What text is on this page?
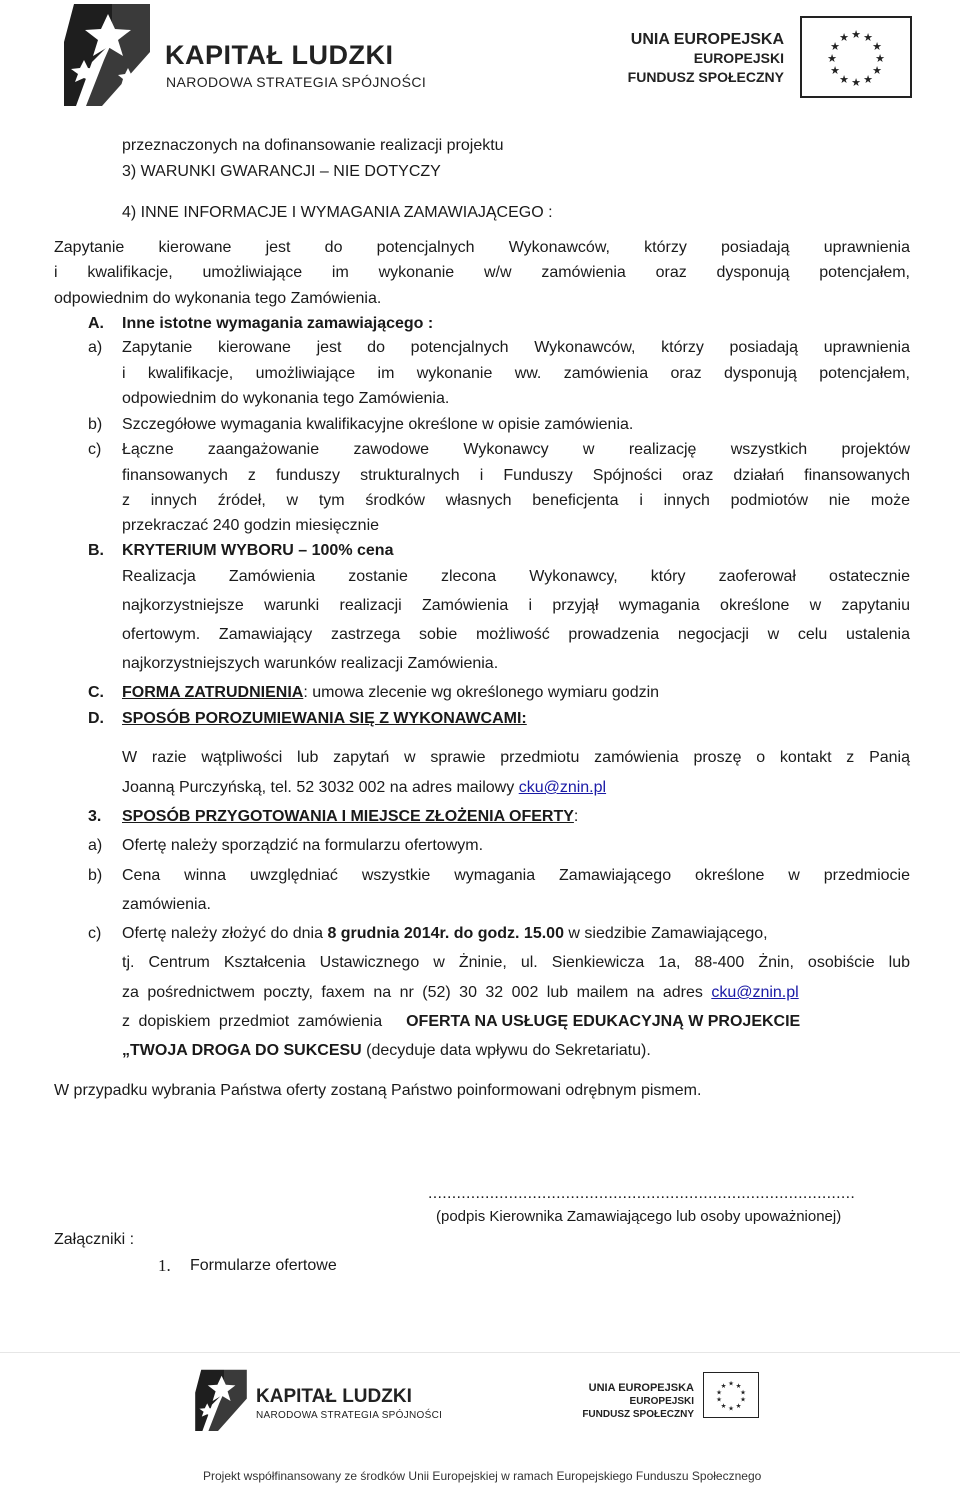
KAPITAŁ LUDZKI
NARODOWA STRATEGIA SPÓJNOŚCI
UNIA EUROPEJSKA
EUROPEJSKI
FUNDUSZ SPOŁECZNY
★ ★
★
★
★
★
★
★
★
★
★
★
przeznaczonych na dofinansowanie realizacji projektu
3) WARUNKI GWARANCJI – NIE DOTYCZY
4) INNE INFORMACJE I WYMAGANIA ZAMAWIAJĄCEGO :
Zapytanie kierowane jest do potencjalnych Wykonawców, którzy posiadają uprawnienia
i kwalifikacje, umożliwiające im wykonanie w/w zamówienia oraz dysponują potencjałem,
odpowiednim do wykonania tego Zamówienia.
A. Inne istotne wymagania zamawiającego :
a) Zapytanie kierowane jest do potencjalnych Wykonawców, którzy posiadają uprawnienia
i kwalifikacje, umożliwiające im wykonanie ww. zamówienia oraz dysponują potencjałem,
odpowiednim do wykonania tego Zamówienia.
b) Szczegółowe wymagania kwalifikacyjne określone w opisie zamówienia.
c) Łączne zaangażowanie zawodowe Wykonawcy w realizację wszystkich projektów
finansowanych z funduszy strukturalnych i Funduszy Spójności oraz działań finansowanych
z innych źródeł, w tym środków własnych beneficjenta i innych podmiotów nie może
przekraczać 240 godzin miesięcznie
B. KRYTERIUM WYBORU – 100% cena
Realizacja Zamówienia zostanie zlecona Wykonawcy, który zaoferował ostatecznie
najkorzystniejsze warunki realizacji Zamówienia i przyjął wymagania określone w zapytaniu
ofertowym. Zamawiający zastrzega sobie możliwość prowadzenia negocjacji w celu ustalenia
najkorzystniejszych warunków realizacji Zamówienia.
C. FORMA ZATRUDNIENIA: umowa zlecenie wg określonego wymiaru godzin
D. SPOSÓB POROZUMIEWANIA SIĘ Z WYKONAWCAMI:
W razie wątpliwości lub zapytań w sprawie przedmiotu zamówienia proszę o kontakt z Panią
Joanną Purczyńską, tel. 52 3032 002 na adres mailowy cku@znin.pl
3. SPOSÓB PRZYGOTOWANIA I MIEJSCE ZŁOŻENIA OFERTY:
a) Ofertę należy sporządzić na formularzu ofertowym.
b) Cena winna uwzględniać wszystkie wymagania Zamawiającego określone w przedmiocie
zamówienia.
c) Ofertę należy złożyć do dnia 8 grudnia 2014r. do godz. 15.00 w siedzibie Zamawiającego,
tj. Centrum Kształcenia Ustawicznego w Żninie, ul. Sienkiewicza 1a, 88-400 Żnin, osobiście lub
za pośrednictwem poczty, faxem na nr (52) 30 32 002 lub mailem na adres cku@znin.pl
z dopiskiem przedmiot zamówienia OFERTA NA USŁUGĘ EDUKACYJNĄ W PROJEKCIE
„TWOJA DROGA DO SUKCESU (decyduje data wpływu do Sekretariatu).
W przypadku wybrania Państwa oferty zostaną Państwo poinformowani odrębnym pismem.
..........................................................................................
(podpis Kierownika Zamawiającego lub osoby upoważnionej)
Załączniki :
1. Formularze ofertowe
KAPITAŁ LUDZKI
NARODOWA STRATEGIA SPÓJNOŚCI
UNIA EUROPEJSKA
EUROPEJSKI
FUNDUSZ SPOŁECZNY
★ ★
★
★
★
★
★
★
★
★
Projekt współfinansowany ze środków Unii Europejskiej w ramach Europejskiego Funduszu Społecznego
